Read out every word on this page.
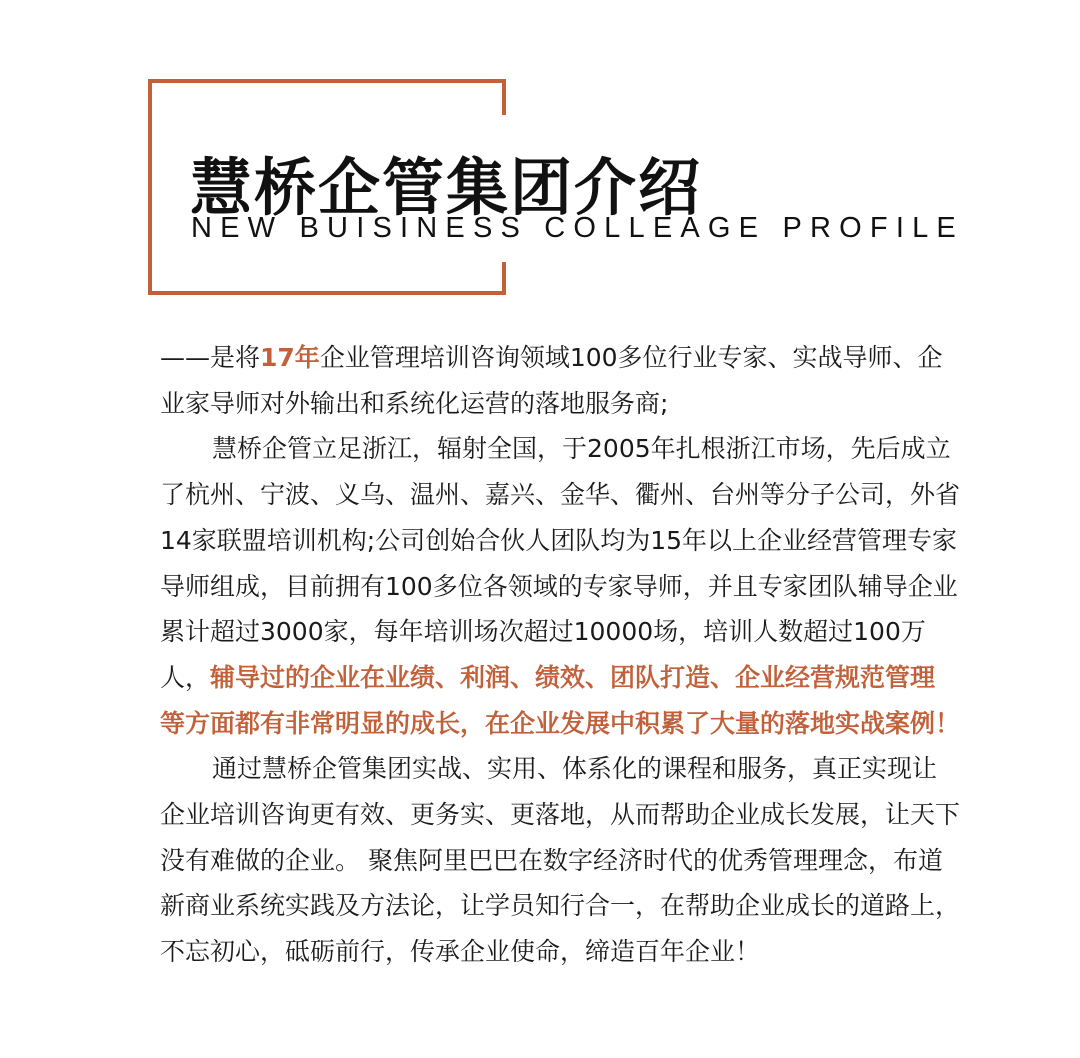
慧桥企管集团介绍
NEW BUISINESS COLLEAGE PROFILE

——是将17年企业管理培训咨询领域100多位行业专家、实战导师、企业家导师对外输出和系统化运营的落地服务商;

慧桥企管立足浙江，辐射全国，于2005年扎根浙江市场，先后成立了杭州、宁波、义乌、温州、嘉兴、金华、衢州、台州等分子公司，外省14家联盟培训机构;公司创始合伙人团队均为15年以上企业经营管理专家导师组成，目前拥有100多位各领域的专家导师，并且专家团队辅导企业累计超过3000家，每年培训场次超过10000场，培训人数超过100万人，辅导过的企业在业绩、利润、绩效、团队打造、企业经营规范管理等方面都有非常明显的成长，在企业发展中积累了大量的落地实战案例！

通过慧桥企管集团实战、实用、体系化的课程和服务，真正实现让企业培训咨询更有效、更务实、更落地，从而帮助企业成长发展，让天下没有难做的企业。 聚焦阿里巴巴在数字经济时代的优秀管理理念，布道新商业系统实践及方法论，让学员知行合一，在帮助企业成长的道路上，不忘初心，砥砺前行，传承企业使命，缔造百年企业！
